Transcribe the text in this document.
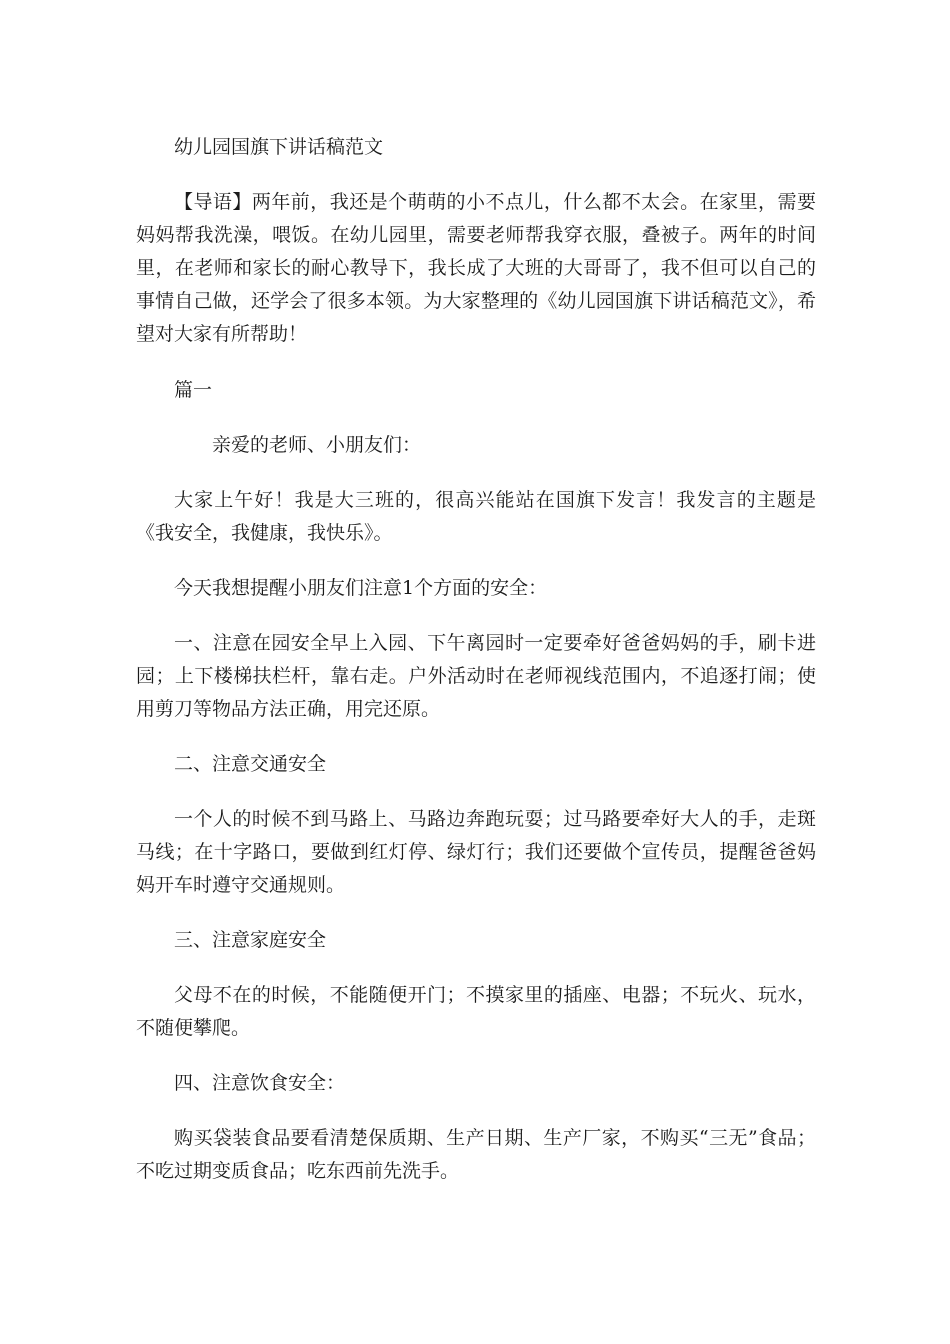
幼儿园国旗下讲话稿范文

【导语】两年前，我还是个萌萌的小不点儿，什么都不太会。在家里，需要妈妈帮我洗澡，喂饭。在幼儿园里，需要老师帮我穿衣服，叠被子。两年的时间里，在老师和家长的耐心教导下，我长成了大班的大哥哥了，我不但可以自己的事情自己做，还学会了很多本领。为大家整理的《幼儿园国旗下讲话稿范文》，希望对大家有所帮助！

篇一

亲爱的老师、小朋友们：

大家上午好！我是大三班的，很高兴能站在国旗下发言！我发言的主题是《我安全，我健康，我快乐》。

今天我想提醒小朋友们注意1个方面的安全：

一、注意在园安全早上入园、下午离园时一定要牵好爸爸妈妈的手，刷卡进园；上下楼梯扶栏杆，靠右走。户外活动时在老师视线范围内，不追逐打闹；使用剪刀等物品方法正确，用完还原。

二、注意交通安全

一个人的时候不到马路上、马路边奔跑玩耍；过马路要牵好大人的手，走斑马线；在十字路口，要做到红灯停、绿灯行；我们还要做个宣传员，提醒爸爸妈妈开车时遵守交通规则。

三、注意家庭安全

父母不在的时候，不能随便开门；不摸家里的插座、电器；不玩火、玩水，不随便攀爬。

四、注意饮食安全：

购买袋装食品要看清楚保质期、生产日期、生产厂家，不购买“三无”食品；不吃过期变质食品；吃东西前先洗手。
